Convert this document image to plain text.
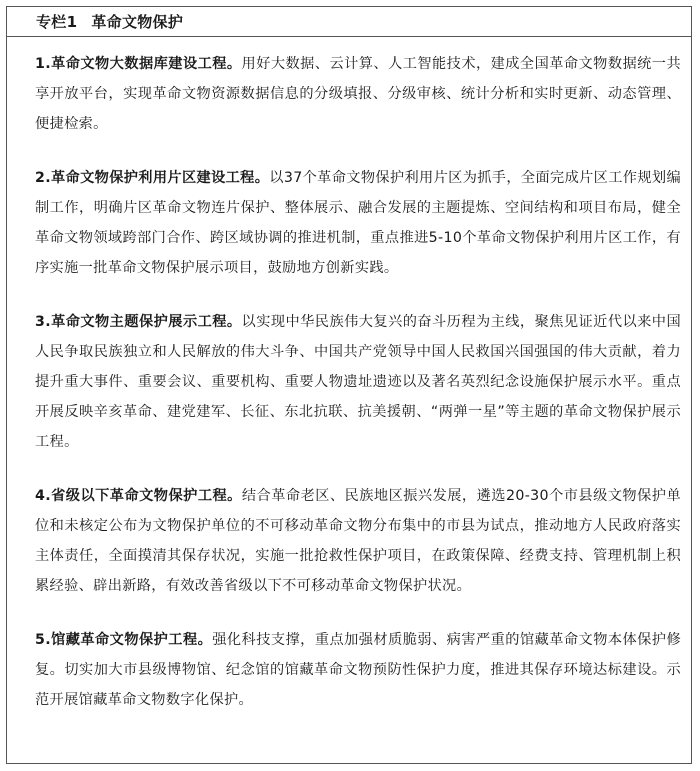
专栏1 革命文物保护

1.革命文物大数据库建设工程。用好大数据、云计算、人工智能技术，建成全国革命文物数据统一共享开放平台，实现革命文物资源数据信息的分级填报、分级审核、统计分析和实时更新、动态管理、便捷检索。

2.革命文物保护利用片区建设工程。以37个革命文物保护利用片区为抓手，全面完成片区工作规划编制工作，明确片区革命文物连片保护、整体展示、融合发展的主题提炼、空间结构和项目布局，健全革命文物领域跨部门合作、跨区域协调的推进机制，重点推进5-10个革命文物保护利用片区工作，有序实施一批革命文物保护展示项目，鼓励地方创新实践。

3.革命文物主题保护展示工程。以实现中华民族伟大复兴的奋斗历程为主线，聚焦见证近代以来中国人民争取民族独立和人民解放的伟大斗争、中国共产党领导中国人民救国兴国强国的伟大贡献，着力提升重大事件、重要会议、重要机构、重要人物遗址遗迹以及著名英烈纪念设施保护展示水平。重点开展反映辛亥革命、建党建军、长征、东北抗联、抗美援朝、“两弹一星”等主题的革命文物保护展示工程。

4.省级以下革命文物保护工程。结合革命老区、民族地区振兴发展，遴选20-30个市县级文物保护单位和未核定公布为文物保护单位的不可移动革命文物分布集中的市县为试点，推动地方人民政府落实主体责任，全面摸清其保存状况，实施一批抢救性保护项目，在政策保障、经费支持、管理机制上积累经验、辟出新路，有效改善省级以下不可移动革命文物保护状况。

5.馆藏革命文物保护工程。强化科技支撑，重点加强材质脆弱、病害严重的馆藏革命文物本体保护修复。切实加大市县级博物馆、纪念馆的馆藏革命文物预防性保护力度，推进其保存环境达标建设。示范开展馆藏革命文物数字化保护。
